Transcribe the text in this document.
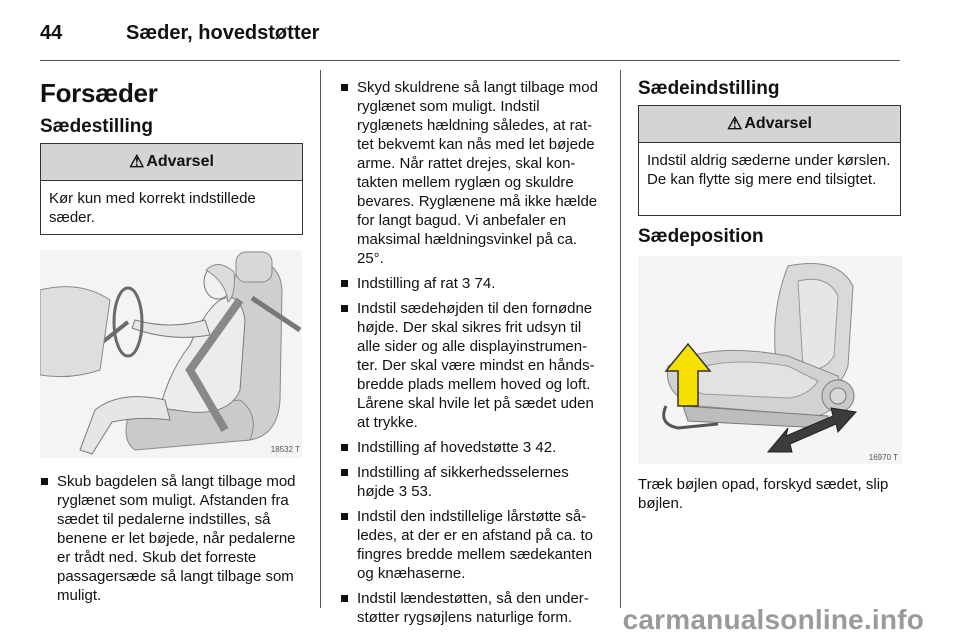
44	Sæder, hovedstøtter
Forsæder
Sædestilling
⚠ Advarsel
Kør kun med korrekt indstillede sæder.
18532 T
Skub bagdelen så langt tilbage mod ryglænet som muligt. Afstanden fra sædet til pedalerne indstilles, så benene er let bøjede, når pedalerne er trådt ned. Skub det forreste passagersæde så langt tilbage som muligt.
Skyd skuldrene så langt tilbage mod ryglænet som muligt. Indstil ryglænets hældning således, at rattet bekvemt kan nås med let bøjede arme. Når rattet drejes, skal kontakten mellem ryglæn og skuldre bevares. Ryglænene må ikke hælde for langt bagud. Vi anbefaler en maksimal hældningsvinkel på ca. 25°.
Indstilling af rat 3 74.
Indstil sædehøjden til den fornødne højde. Der skal sikres frit udsyn til alle sider og alle displayinstrumenter. Der skal være mindst en håndsbredde plads mellem hoved og loft. Lårene skal hvile let på sædet uden at trykke.
Indstilling af hovedstøtte 3 42.
Indstilling af sikkerhedsselernes højde 3 53.
Indstil den indstillelige lårstøtte således, at der er en afstand på ca. to fingres bredde mellem sædekanten og knæhaserne.
Indstil lændestøtten, så den understøtter rygsøjlens naturlige form.
Sædeindstilling
⚠ Advarsel
Indstil aldrig sæderne under kørslen. De kan flytte sig mere end tilsigtet.
Sædeposition
16970 T
Træk bøjlen opad, forskyd sædet, slip bøjlen.
carmanualsonline.info
